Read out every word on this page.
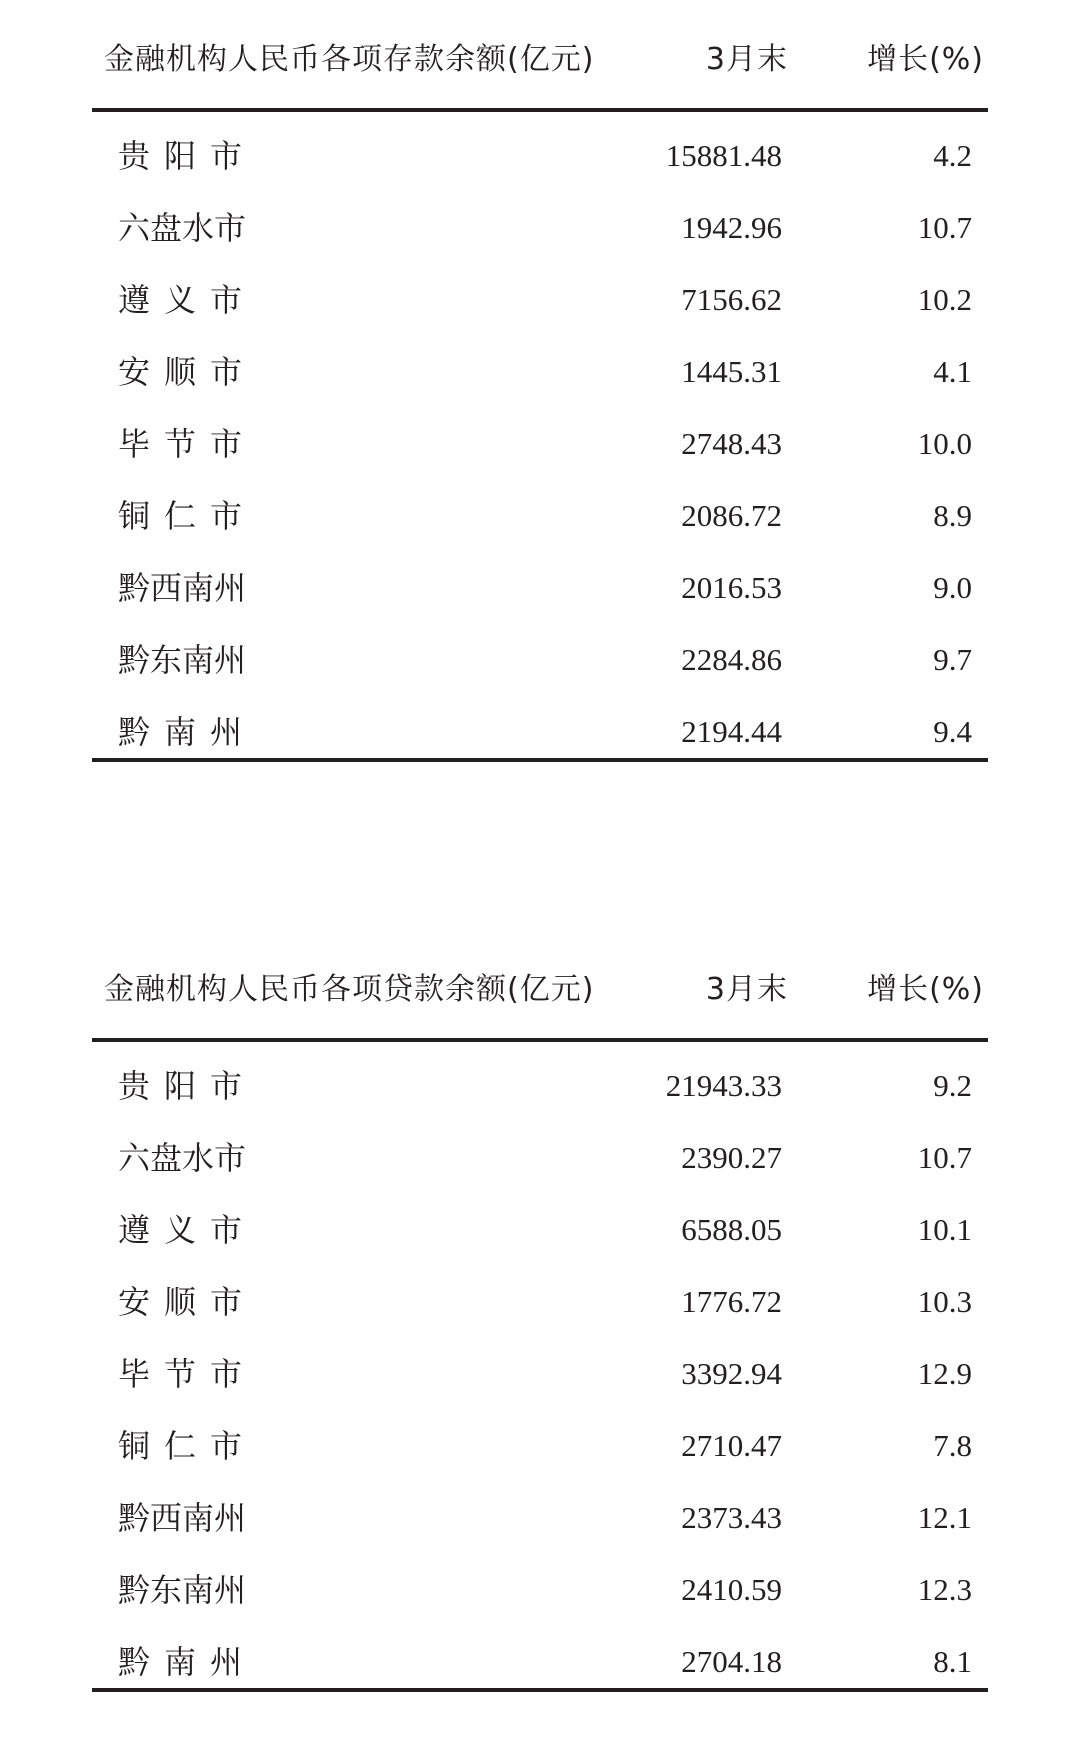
金融机构人民币各项存款余额(亿元)	3月末	增长(%)
贵阳市	15881.48	4.2
六盘水市	1942.96	10.7
遵义市	7156.62	10.2
安顺市	1445.31	4.1
毕节市	2748.43	10.0
铜仁市	2086.72	8.9
黔西南州	2016.53	9.0
黔东南州	2284.86	9.7
黔南州	2194.44	9.4
金融机构人民币各项贷款余额(亿元)	3月末	增长(%)
贵阳市	21943.33	9.2
六盘水市	2390.27	10.7
遵义市	6588.05	10.1
安顺市	1776.72	10.3
毕节市	3392.94	12.9
铜仁市	2710.47	7.8
黔西南州	2373.43	12.1
黔东南州	2410.59	12.3
黔南州	2704.18	8.1
